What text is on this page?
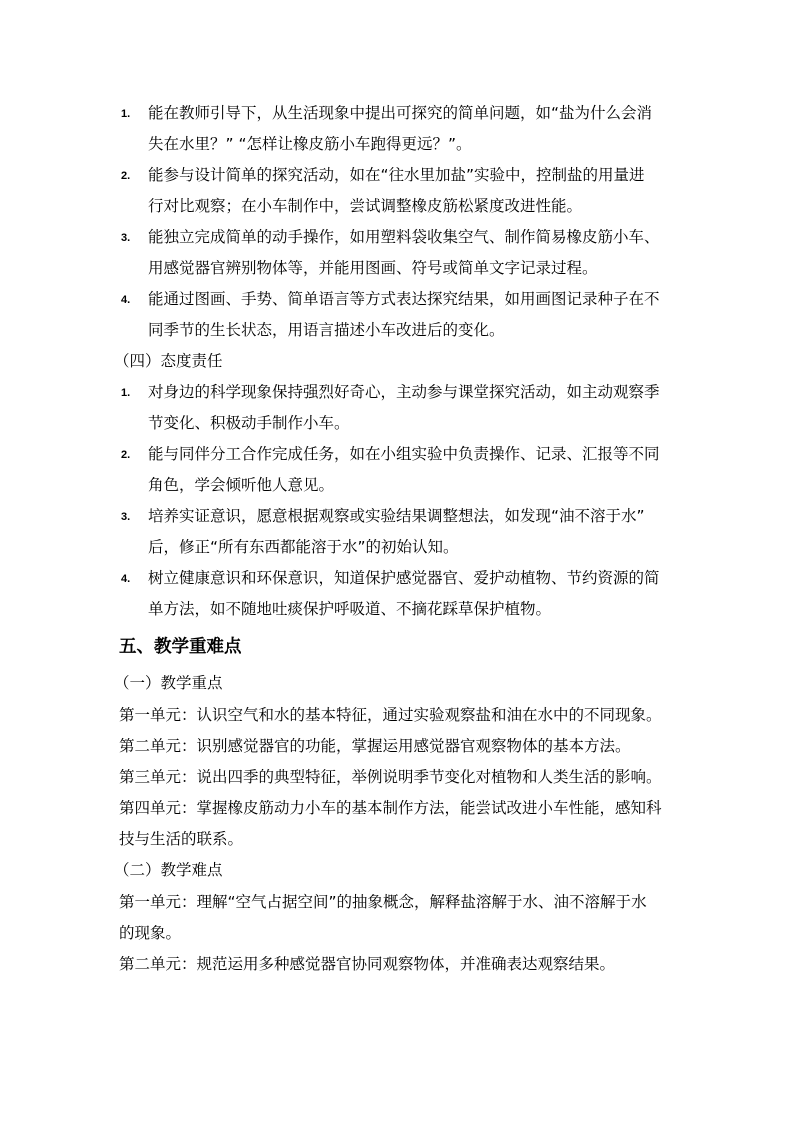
1. 能在教师引导下，从生活现象中提出可探究的简单问题，如“盐为什么会消
失在水里？” “怎样让橡皮筋小车跑得更远？”。
2. 能参与设计简单的探究活动，如在“往水里加盐”实验中，控制盐的用量进
行对比观察；在小车制作中，尝试调整橡皮筋松紧度改进性能。
3. 能独立完成简单的动手操作，如用塑料袋收集空气、制作简易橡皮筋小车、
用感觉器官辨别物体等，并能用图画、符号或简单文字记录过程。
4. 能通过图画、手势、简单语言等方式表达探究结果，如用画图记录种子在不
同季节的生长状态，用语言描述小车改进后的变化。
（四）态度责任
1. 对身边的科学现象保持强烈好奇心，主动参与课堂探究活动，如主动观察季
节变化、积极动手制作小车。
2. 能与同伴分工合作完成任务，如在小组实验中负责操作、记录、汇报等不同
角色，学会倾听他人意见。
3. 培养实证意识，愿意根据观察或实验结果调整想法，如发现“油不溶于水”
后，修正“所有东西都能溶于水”的初始认知。
4. 树立健康意识和环保意识，知道保护感觉器官、爱护动植物、节约资源的简
单方法，如不随地吐痰保护呼吸道、不摘花踩草保护植物。
五、教学重难点
（一）教学重点
第一单元：认识空气和水的基本特征，通过实验观察盐和油在水中的不同现象。
第二单元：识别感觉器官的功能，掌握运用感觉器官观察物体的基本方法。
第三单元：说出四季的典型特征，举例说明季节变化对植物和人类生活的影响。
第四单元：掌握橡皮筋动力小车的基本制作方法，能尝试改进小车性能，感知科
技与生活的联系。
（二）教学难点
第一单元：理解“空气占据空间”的抽象概念，解释盐溶解于水、油不溶解于水
的现象。
第二单元：规范运用多种感觉器官协同观察物体，并准确表达观察结果。
